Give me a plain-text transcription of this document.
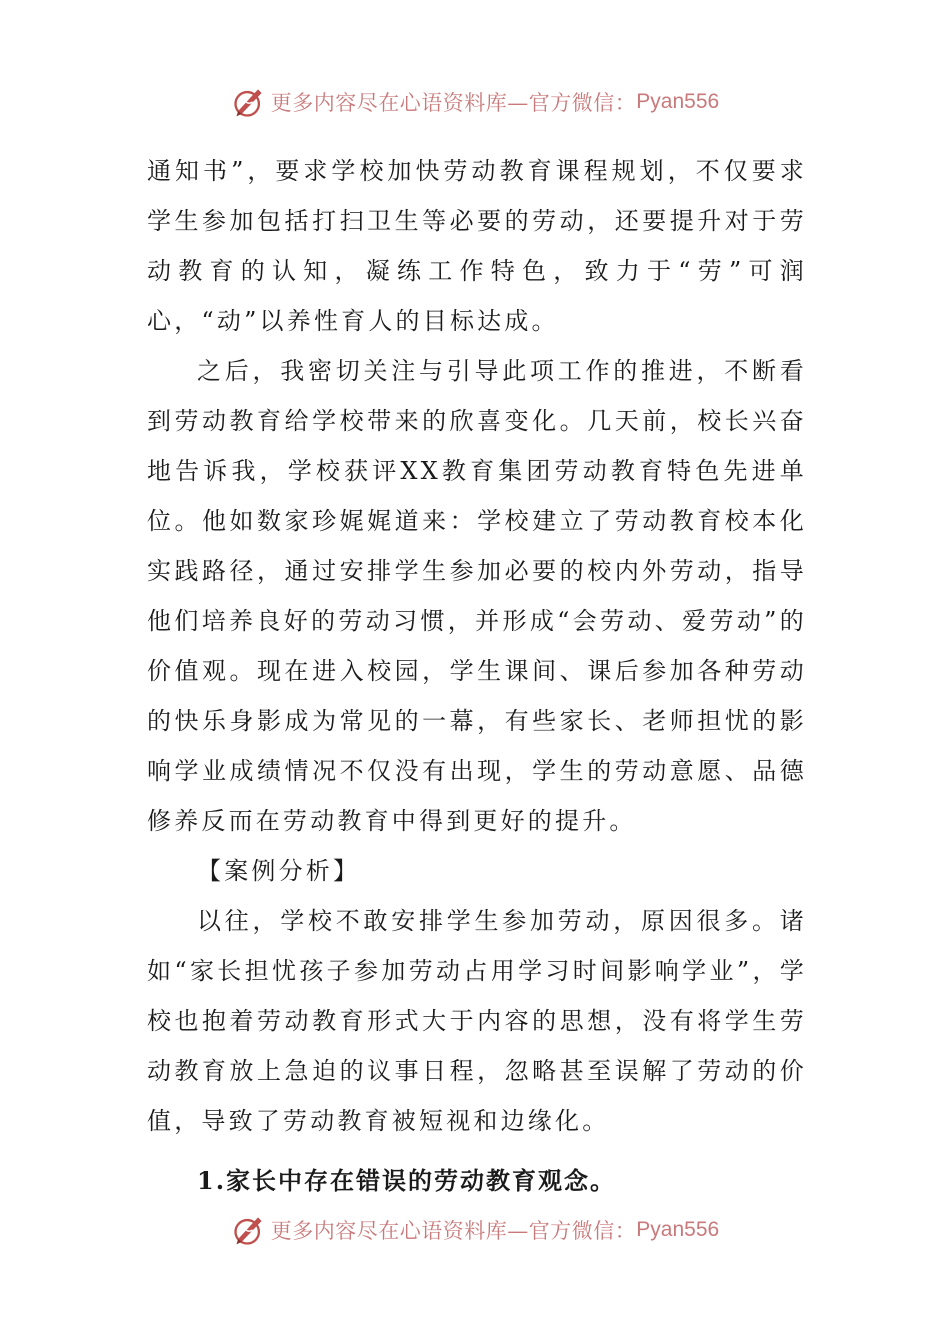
更多内容尽在心语资料库—官方微信： Pyan556

通知书”，要求学校加快劳动教育课程规划，不仅要求学生参加包括打扫卫生等必要的劳动，还要提升对于劳动教育的认知，凝练工作特色，致力于“劳”可润心，“动”以养性育人的目标达成。

之后，我密切关注与引导此项工作的推进，不断看到劳动教育给学校带来的欣喜变化。几天前，校长兴奋地告诉我，学校获评XX教育集团劳动教育特色先进单位。他如数家珍娓娓道来：学校建立了劳动教育校本化实践路径，通过安排学生参加必要的校内外劳动，指导他们培养良好的劳动习惯，并形成“会劳动、爱劳动”的价值观。现在进入校园，学生课间、课后参加各种劳动的快乐身影成为常见的一幕，有些家长、老师担忧的影响学业成绩情况不仅没有出现，学生的劳动意愿、品德修养反而在劳动教育中得到更好的提升。

【案例分析】

以往，学校不敢安排学生参加劳动，原因很多。诸如“家长担忧孩子参加劳动占用学习时间影响学业”，学校也抱着劳动教育形式大于内容的思想，没有将学生劳动教育放上急迫的议事日程，忽略甚至误解了劳动的价值，导致了劳动教育被短视和边缘化。

1.家长中存在错误的劳动教育观念。

更多内容尽在心语资料库—官方微信： Pyan556
